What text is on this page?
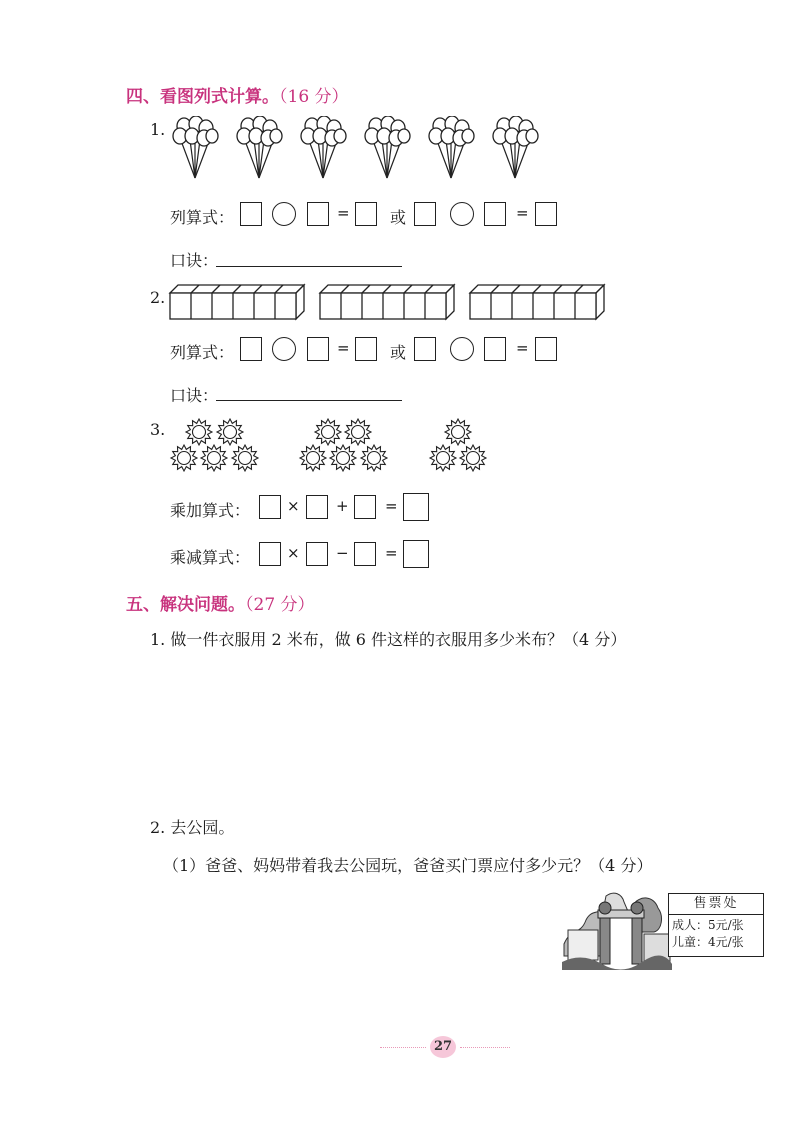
四、看图列式计算。（16 分）
1.
列算式：	=	或	=
口诀：
2.
列算式：	=	或	=
口诀：
3.
乘加算式： × + =
乘减算式： × − =
五、解决问题。（27 分）
1. 做一件衣服用 2 米布，做 6 件这样的衣服用多少米布？（4 分）
2. 去公园。
（1）爸爸、妈妈带着我去公园玩，爸爸买门票应付多少元？（4 分）
售票处
成人：5元/张
儿童：4元/张
27
